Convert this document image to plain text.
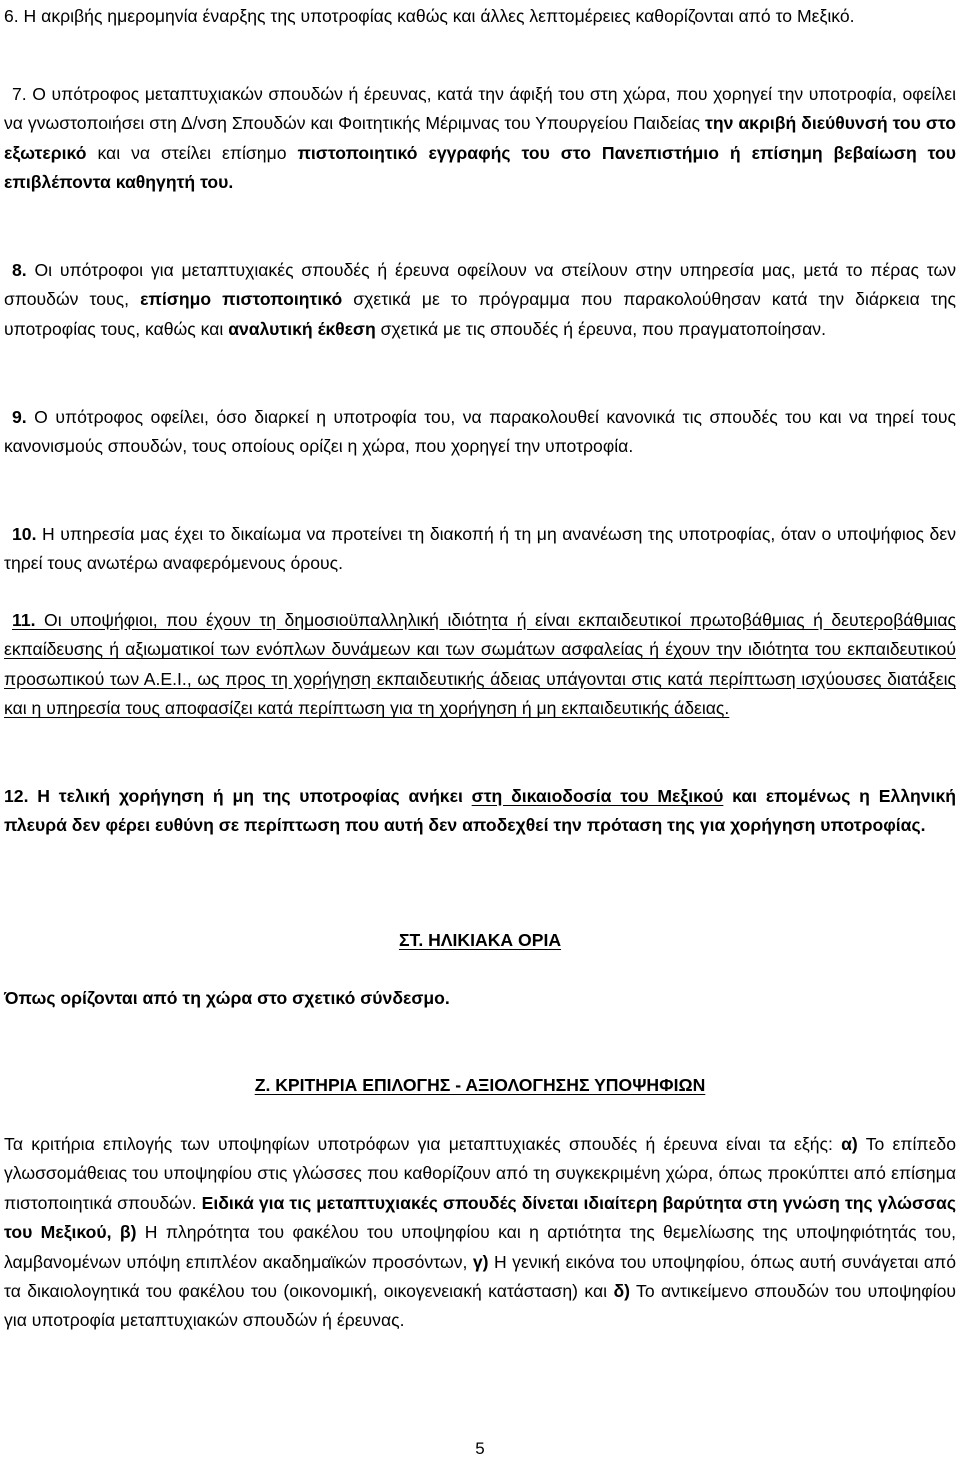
6. Η ακριβής ημερομηνία έναρξης της υποτροφίας καθώς και άλλες λεπτομέρειες καθορίζονται από το Μεξικό.

7. Ο υπότροφος μεταπτυχιακών σπουδών ή έρευνας, κατά την άφιξή του στη χώρα, που χορηγεί την υποτροφία, οφείλει να γνωστοποιήσει στη Δ/νση Σπουδών και Φοιτητικής Μέριμνας του Υπουργείου Παιδείας την ακριβή διεύθυνσή του στο εξωτερικό και να στείλει επίσημο πιστοποιητικό εγγραφής του στο Πανεπιστήμιο ή επίσημη βεβαίωση του επιβλέποντα καθηγητή του.

8. Οι υπότροφοι για μεταπτυχιακές σπουδές ή έρευνα οφείλουν να στείλουν στην υπηρεσία μας, μετά το πέρας των σπουδών τους, επίσημο πιστοποιητικό σχετικά με το πρόγραμμα που παρακολούθησαν κατά την διάρκεια της υποτροφίας τους, καθώς και αναλυτική έκθεση σχετικά με τις σπουδές ή έρευνα, που πραγματοποίησαν.

9. Ο υπότροφος οφείλει, όσο διαρκεί η υποτροφία του, να παρακολουθεί κανονικά τις σπουδές του και να τηρεί τους κανονισμούς σπουδών, τους οποίους ορίζει η χώρα, που χορηγεί την υποτροφία.

10. Η υπηρεσία μας έχει το δικαίωμα να προτείνει τη διακοπή ή τη μη ανανέωση της υποτροφίας, όταν ο υποψήφιος δεν τηρεί τους ανωτέρω αναφερόμενους όρους.

11. Οι υποψήφιοι, που έχουν τη δημοσιοϋπαλληλική ιδιότητα ή είναι εκπαιδευτικοί πρωτοβάθμιας ή δευτεροβάθμιας εκπαίδευσης ή αξιωματικοί των ενόπλων δυνάμεων και των σωμάτων ασφαλείας ή έχουν την ιδιότητα του εκπαιδευτικού προσωπικού των Α.Ε.Ι., ως προς τη χορήγηση εκπαιδευτικής άδειας υπάγονται στις κατά περίπτωση ισχύουσες διατάξεις και η υπηρεσία τους αποφασίζει κατά περίπτωση για τη χορήγηση ή μη εκπαιδευτικής άδειας.

12. Η τελική χορήγηση ή μη της υποτροφίας ανήκει στη δικαιοδοσία του Μεξικού και επομένως η Ελληνική πλευρά δεν φέρει ευθύνη σε περίπτωση που αυτή δεν αποδεχθεί την πρόταση της για χορήγηση υποτροφίας.

ΣΤ. ΗΛΙΚΙΑΚΑ ΟΡΙΑ

Όπως ορίζονται από τη χώρα στο σχετικό σύνδεσμο.

Ζ. ΚΡΙΤΗΡΙΑ ΕΠΙΛΟΓΗΣ - ΑΞΙΟΛΟΓΗΣΗΣ ΥΠΟΨΗΦΙΩΝ

Τα κριτήρια επιλογής των υποψηφίων υποτρόφων για μεταπτυχιακές σπουδές ή έρευνα είναι τα εξής: α) Το επίπεδο γλωσσομάθειας του υποψηφίου στις γλώσσες που καθορίζουν από τη συγκεκριμένη χώρα, όπως προκύπτει από επίσημα πιστοποιητικά σπουδών. Ειδικά για τις μεταπτυχιακές σπουδές δίνεται ιδιαίτερη βαρύτητα στη γνώση της γλώσσας του Μεξικού, β) Η πληρότητα του φακέλου του υποψηφίου και η αρτιότητα της θεμελίωσης της υποψηφιότητάς του, λαμβανομένων υπόψη επιπλέον ακαδημαϊκών προσόντων, γ) Η γενική εικόνα του υποψηφίου, όπως αυτή συνάγεται από τα δικαιολογητικά του φακέλου του (οικονομική, οικογενειακή κατάσταση) και δ) Το αντικείμενο σπουδών του υποψηφίου για υποτροφία μεταπτυχιακών σπουδών ή έρευνας.

5
